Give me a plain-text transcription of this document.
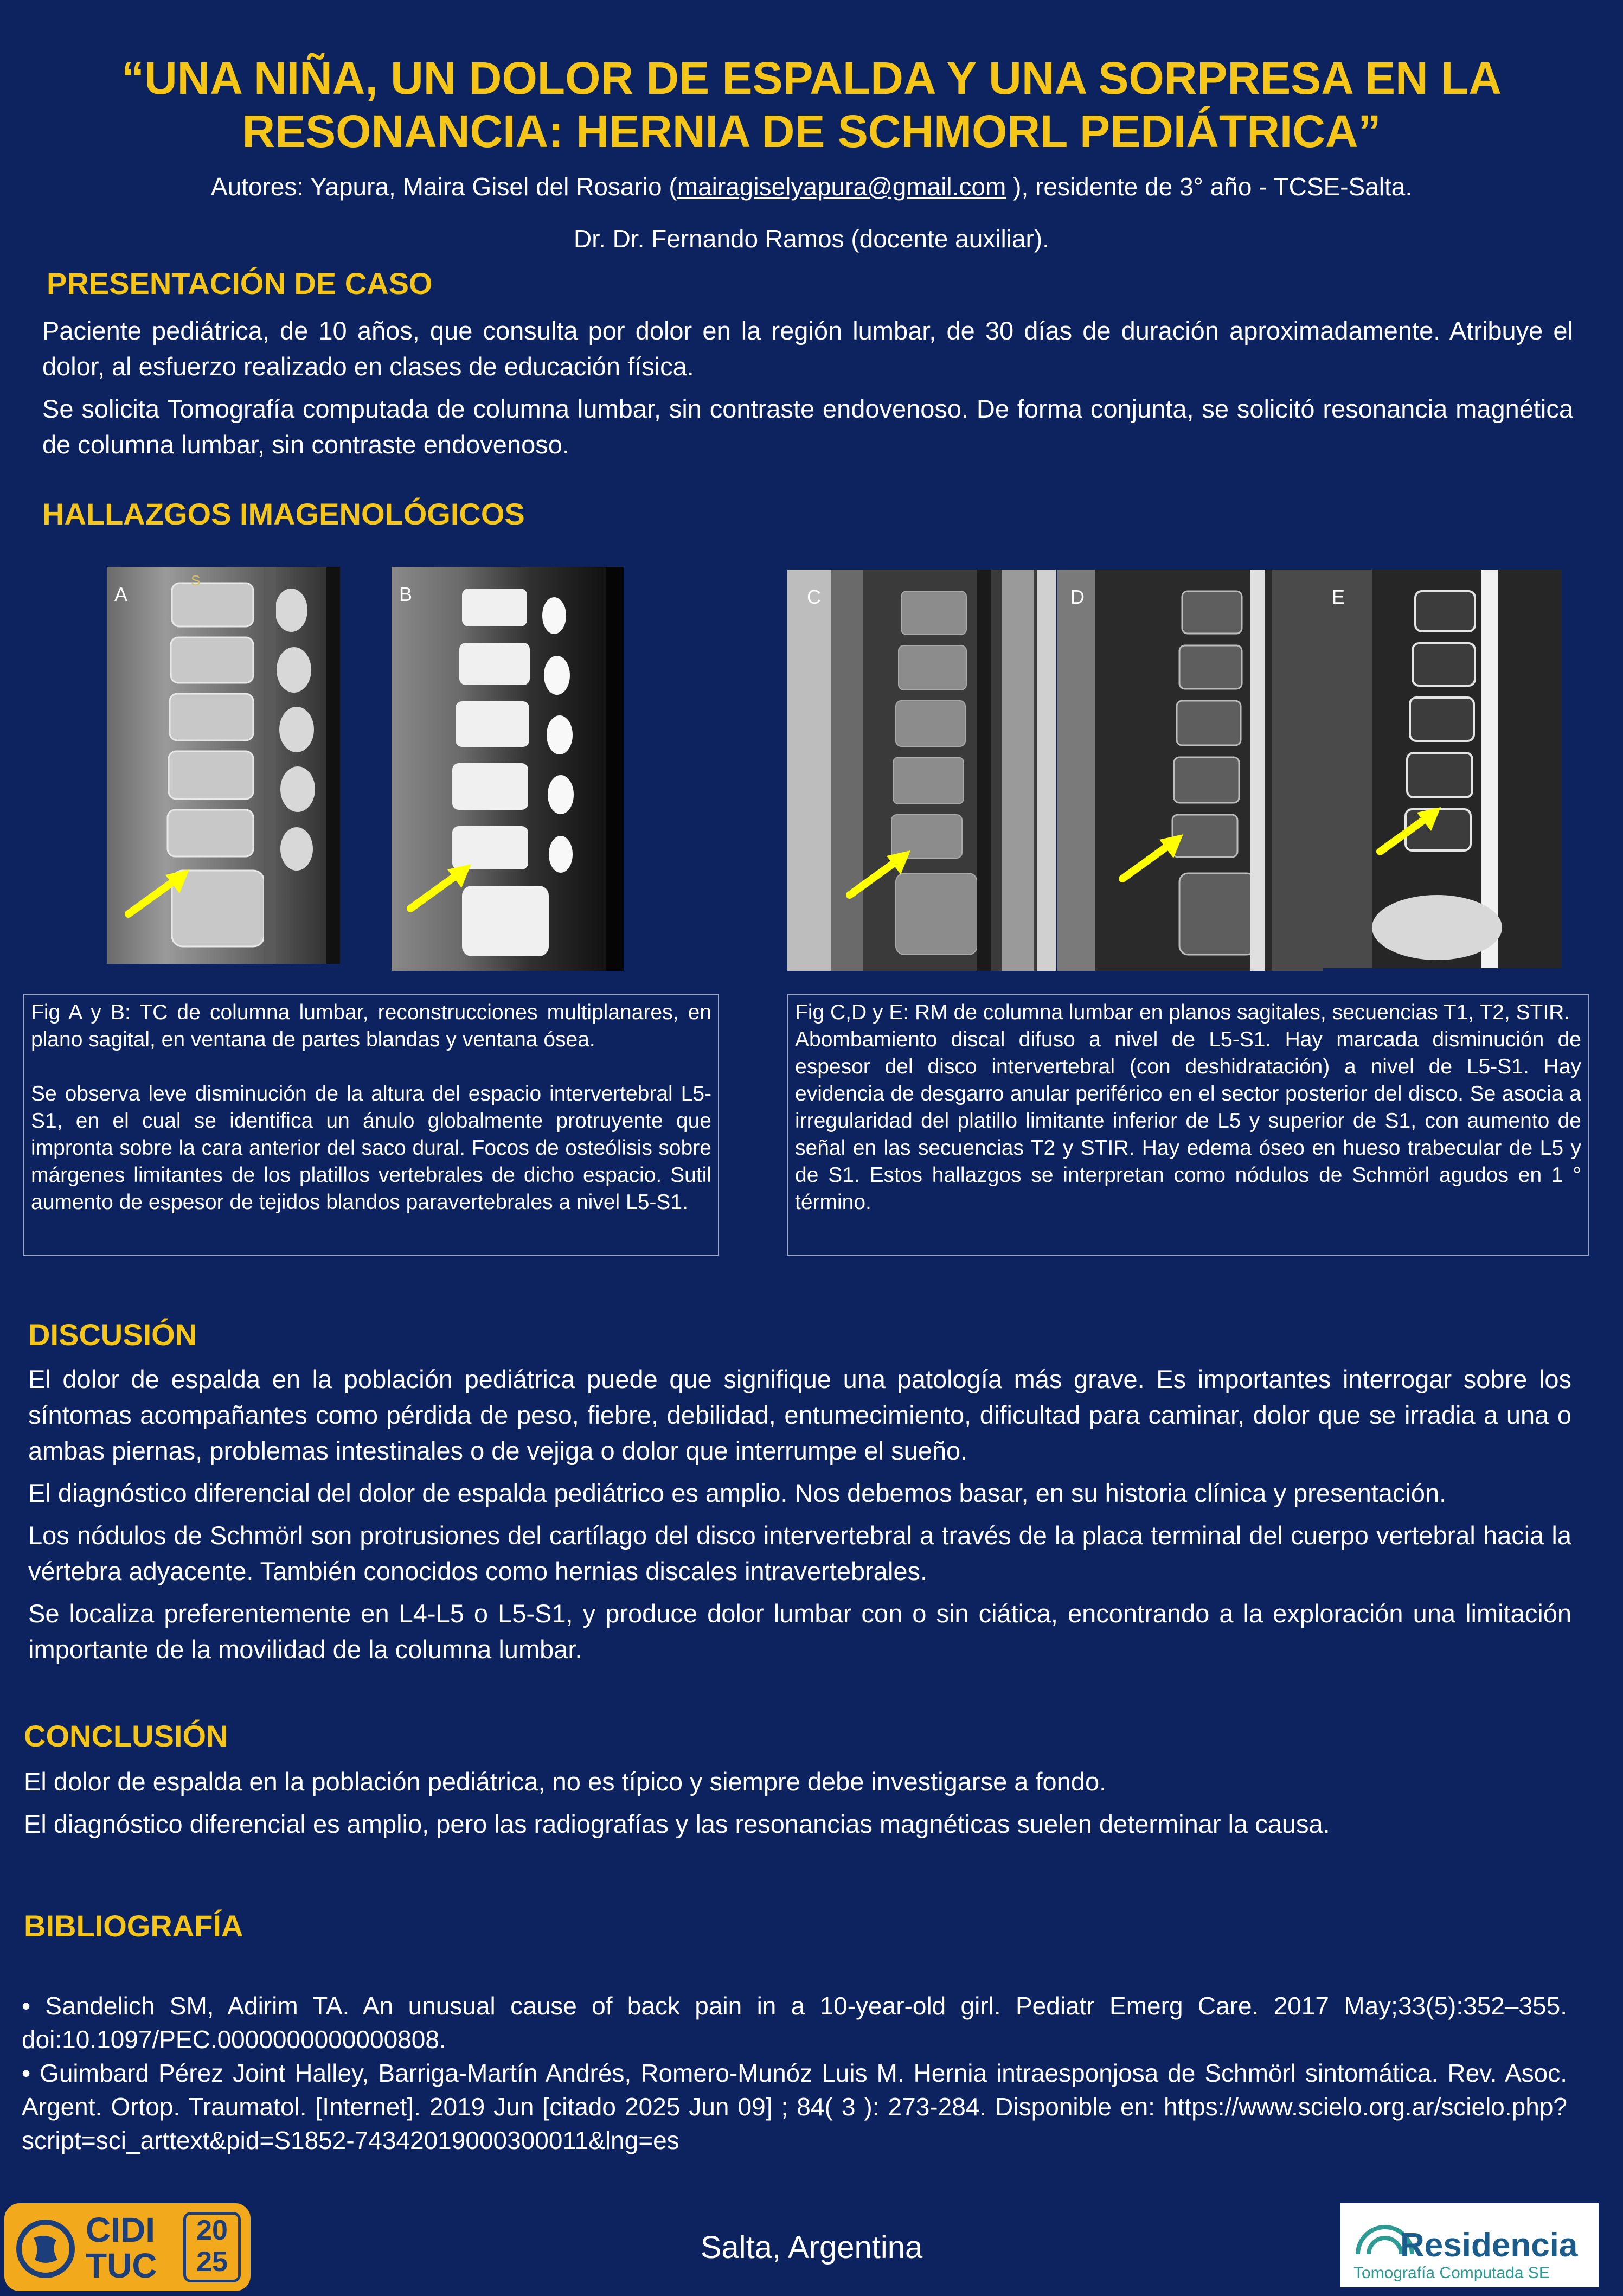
“UNA NIÑA, UN DOLOR DE ESPALDA Y UNA SORPRESA EN LA RESONANCIA: HERNIA DE SCHMORL PEDIÁTRICA”
Autores: Yapura, Maira Gisel del Rosario (mairagiselyapura@gmail.com ), residente de 3° año - TCSE-Salta.
Dr. Dr. Fernando Ramos (docente auxiliar).
PRESENTACIÓN DE CASO

Paciente pediátrica, de 10 años, que consulta por dolor en la región lumbar, de 30 días de duración aproximadamente. Atribuye el dolor, al esfuerzo realizado en clases de educación física.

Se solicita Tomografía computada de columna lumbar, sin contraste endovenoso. De forma conjunta, se solicitó resonancia magnética de columna lumbar, sin contraste endovenoso.

HALLAZGOS IMAGENOLÓGICOS
A
S
B	C	D	E

Fig A y B: TC de columna lumbar, reconstrucciones multiplanares, en plano sagital, en ventana de partes blandas y ventana ósea.

Se observa leve disminución de la altura del espacio intervertebral L5-S1, en el cual se identifica un ánulo globalmente protruyente que impronta sobre la cara anterior del saco dural. Focos de osteólisis sobre márgenes limitantes de los platillos vertebrales de dicho espacio. Sutil aumento de espesor de tejidos blandos paravertebrales a nivel L5-S1.

Fig C,D y E: RM de columna lumbar en planos sagitales, secuencias T1, T2, STIR.

Abombamiento discal difuso a nivel de L5-S1. Hay marcada disminución de espesor del disco intervertebral (con deshidratación) a nivel de L5-S1. Hay evidencia de desgarro anular periférico en el sector posterior del disco. Se asocia a irregularidad del platillo limitante inferior de L5 y superior de S1, con aumento de señal en las secuencias T2 y STIR. Hay edema óseo en hueso trabecular de L5 y de S1. Estos hallazgos se interpretan como nódulos de Schmörl agudos en 1 ° término.

DISCUSIÓN

El dolor de espalda en la población pediátrica puede que signifique una patología más grave. Es importantes interrogar sobre los síntomas acompañantes como pérdida de peso, fiebre, debilidad, entumecimiento, dificultad para caminar, dolor que se irradia a una o ambas piernas, problemas intestinales o de vejiga o dolor que interrumpe el sueño.

El diagnóstico diferencial del dolor de espalda pediátrico es amplio. Nos debemos basar, en su historia clínica y presentación.

Los nódulos de Schmörl son protrusiones del cartílago del disco intervertebral a través de la placa terminal del cuerpo vertebral hacia la vértebra adyacente. También conocidos como hernias discales intravertebrales.

Se localiza preferentemente en L4-L5 o L5-S1, y produce dolor lumbar con o sin ciática, encontrando a la exploración una limitación importante de la movilidad de la columna lumbar.

CONCLUSIÓN

El dolor de espalda en la población pediátrica, no es típico y siempre debe investigarse a fondo.

El diagnóstico diferencial es amplio, pero las radiografías y las resonancias magnéticas suelen determinar la causa.

BIBLIOGRAFÍA

• Sandelich SM, Adirim TA. An unusual cause of back pain in a 10-year-old girl. Pediatr Emerg Care. 2017 May;33(5):352–355. doi:10.1097/PEC.0000000000000808.

• Guimbard Pérez Joint Halley, Barriga-Martín Andrés, Romero-Munóz Luis M. Hernia intraesponjosa de Schmörl sintomática. Rev. Asoc. Argent. Ortop. Traumatol. [Internet]. 2019 Jun [citado 2025 Jun 09] ; 84( 3 ): 273-284. Disponible en: https://www.scielo.org.ar/scielo.php?script=sci_arttext&pid=S1852-74342019000300011&lng=es

CIDI
TUC
20
25	Salta, Argentina	Residencia
Tomografía Computada SE
